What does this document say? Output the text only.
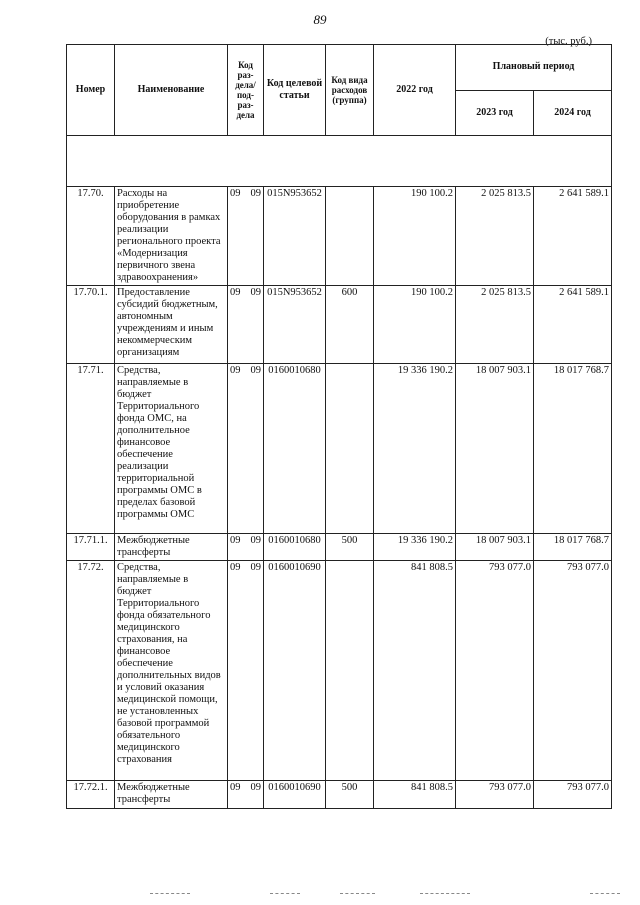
89
(тыс. руб.)
Номер	Наименование	Код раз-дела/ под-раз-дела	Код целевой статьи	Код вида расходов (группа)	2022 год	Плановый период	
						2023 год	2024 год

17.70.	Расходы на приобретение оборудования в рамках реализации регионального проекта «Модернизация первичного звена здравоохранения»	09 09	015N953652		190 100.2	2 025 813.5	2 641 589.1
17.70.1.	Предоставление субсидий бюджетным, автономным учреждениям и иным некоммерческим организациям	09 09	015N953652	600	190 100.2	2 025 813.5	2 641 589.1
17.71.	Средства, направляемые в бюджет Территориального фонда ОМС, на дополнительное финансовое обеспечение реализации территориальной программы ОМС в пределах базовой программы ОМС	09 09	0160010680		19 336 190.2	18 007 903.1	18 017 768.7
17.71.1.	Межбюджетные трансферты	09 09	0160010680	500	19 336 190.2	18 007 903.1	18 017 768.7
17.72.	Средства, направляемые в бюджет Территориального фонда обязательного медицинского страхования, на финансовое обеспечение дополнительных видов и условий оказания медицинской помощи, не установленных базовой программой обязательного медицинского страхования	09 09	0160010690		841 808.5	793 077.0	793 077.0
17.72.1.	Межбюджетные трансферты	09 09	0160010690	500	841 808.5	793 077.0	793 077.0
